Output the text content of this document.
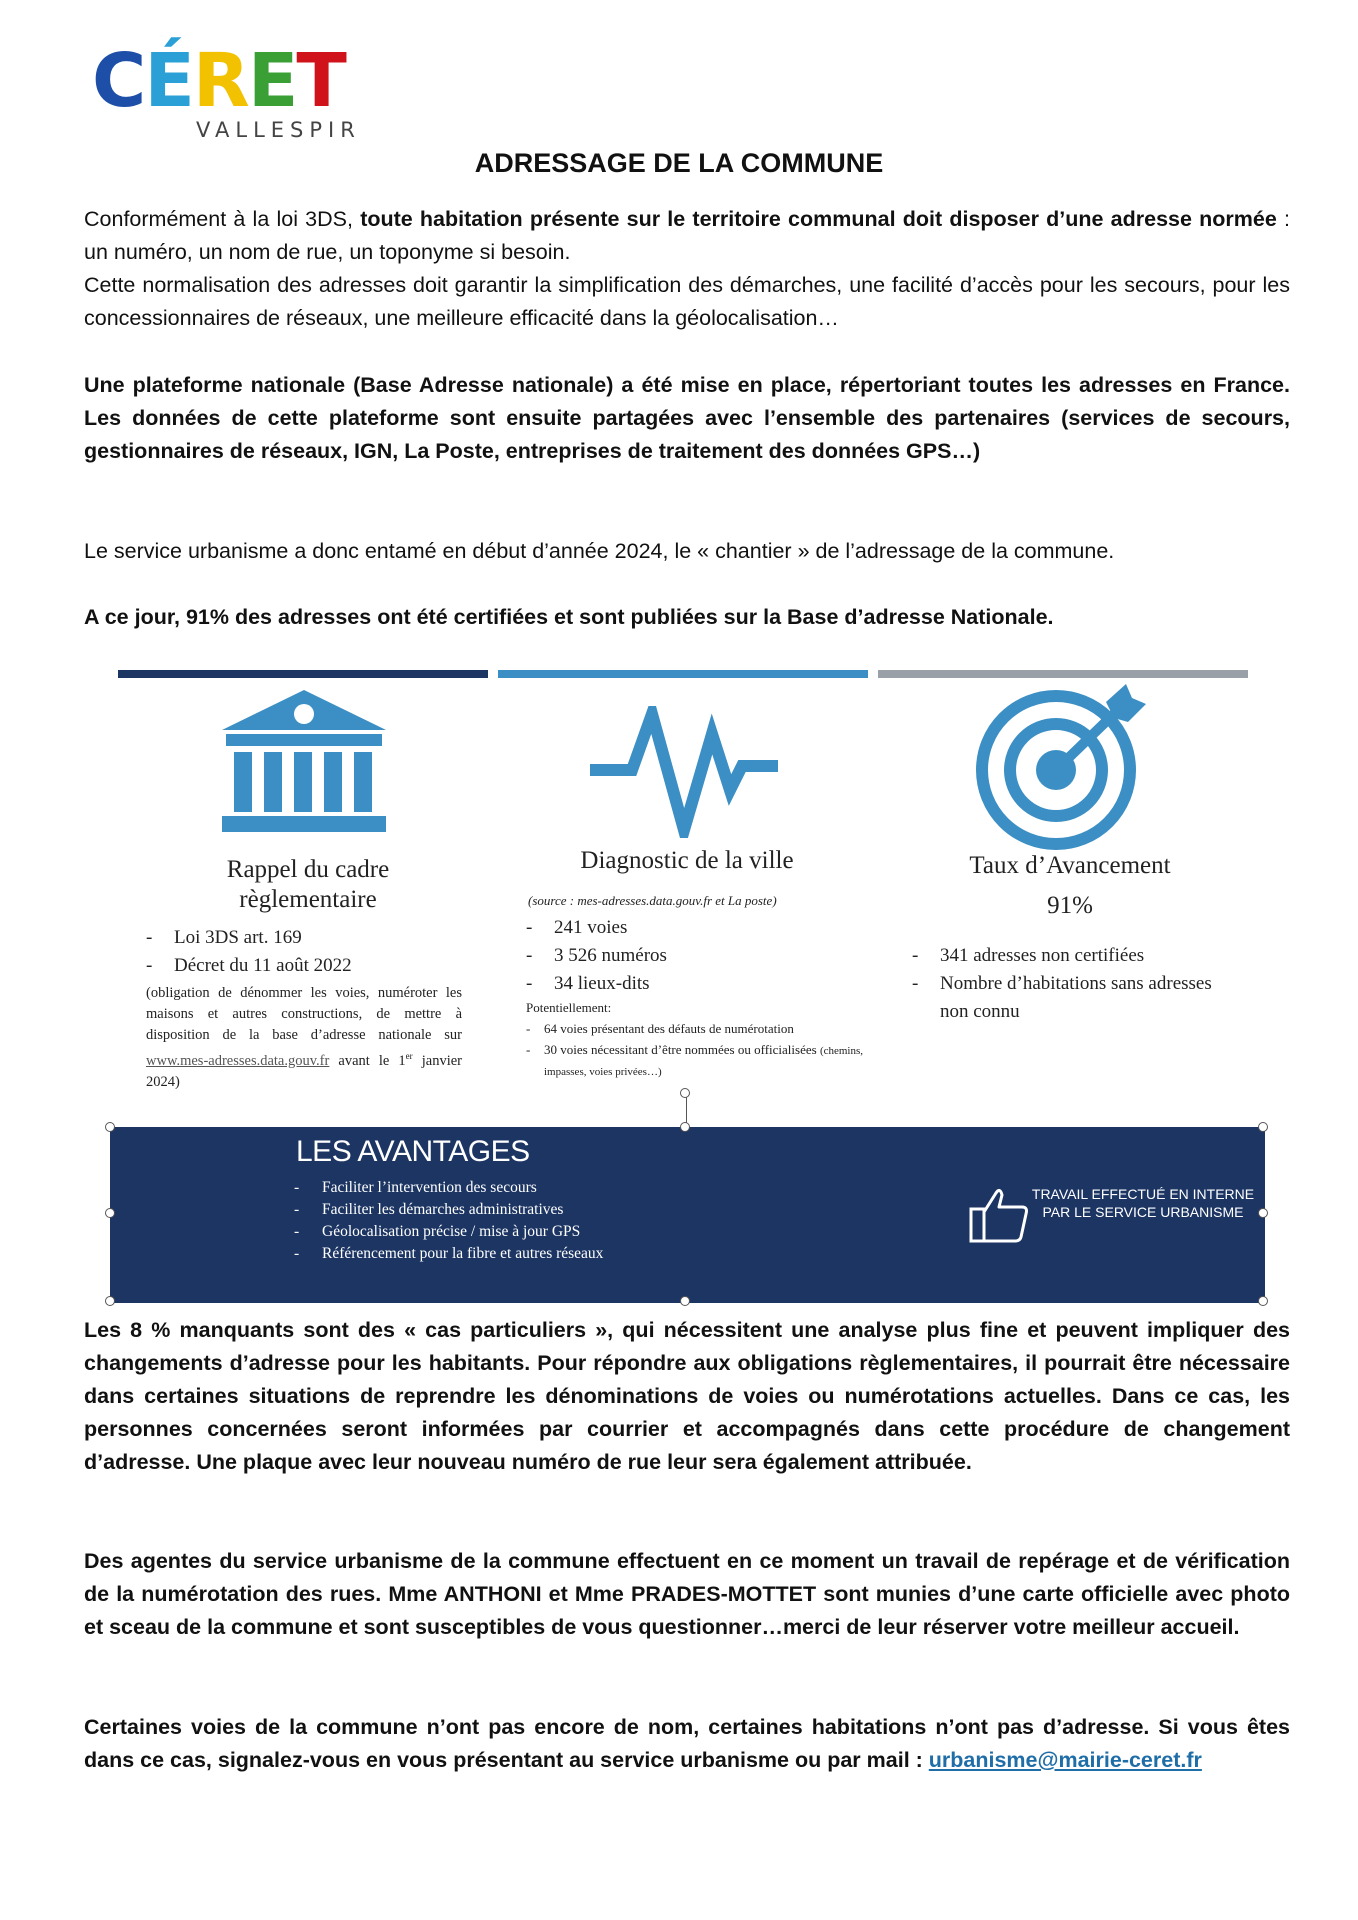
CÉRET
VALLESPIR
ADRESSAGE DE LA COMMUNE
Conformément à la loi 3DS, toute habitation présente sur le territoire communal doit disposer d’une adresse normée : un numéro, un nom de rue, un toponyme si besoin.
Cette normalisation des adresses doit garantir la simplification des démarches, une facilité d’accès pour les secours, pour les concessionnaires de réseaux, une meilleure efficacité dans la géolocalisation…
Une plateforme nationale (Base Adresse nationale) a été mise en place, répertoriant toutes les adresses en France. Les données de cette plateforme sont ensuite partagées avec l’ensemble des partenaires (services de secours, gestionnaires de réseaux, IGN, La Poste, entreprises de traitement des données GPS…)
Le service urbanisme a donc entamé en début d’année 2024, le « chantier » de l’adressage de la commune.
A ce jour, 91% des adresses ont été certifiées et sont publiées sur la Base d’adresse Nationale.
Rappel du cadre règlementaire
- Loi 3DS art. 169
- Décret du 11 août 2022
(obligation de dénommer les voies, numéroter les maisons et autres constructions, de mettre à disposition de la base d’adresse nationale sur www.mes-adresses.data.gouv.fr avant le 1er janvier 2024)
Diagnostic de la ville
(source : mes-adresses.data.gouv.fr et La poste)
- 241 voies
- 3 526 numéros
- 34 lieux-dits
Potentiellement:
-	64 voies présentant des défauts de numérotation
-	30 voies nécessitant d’être nommées ou officialisées (chemins, impasses, voies privées…)
Taux d’Avancement
91%
-	341 adresses non certifiées
-	Nombre d’habitations sans adresses non connu
LES AVANTAGES
- Faciliter l’intervention des secours
- Faciliter les démarches administratives
- Géolocalisation précise / mise à jour GPS
- Référencement pour la fibre et autres réseaux
TRAVAIL EFFECTUÉ EN INTERNE
PAR LE SERVICE URBANISME
Les 8 % manquants sont des « cas particuliers », qui nécessitent une analyse plus fine et peuvent impliquer des changements d’adresse pour les habitants. Pour répondre aux obligations règlementaires, il pourrait être nécessaire dans certaines situations de reprendre les dénominations de voies ou numérotations actuelles. Dans ce cas, les personnes concernées seront informées par courrier et accompagnés dans cette procédure de changement d’adresse. Une plaque avec leur nouveau numéro de rue leur sera également attribuée.
Des agentes du service urbanisme de la commune effectuent en ce moment un travail de repérage et de vérification de la numérotation des rues. Mme ANTHONI et Mme PRADES-MOTTET sont munies d’une carte officielle avec photo et sceau de la commune et sont susceptibles de vous questionner…merci de leur réserver votre meilleur accueil.
Certaines voies de la commune n’ont pas encore de nom, certaines habitations n’ont pas d’adresse. Si vous êtes dans ce cas, signalez-vous en vous présentant au service urbanisme ou par mail : urbanisme@mairie-ceret.fr
